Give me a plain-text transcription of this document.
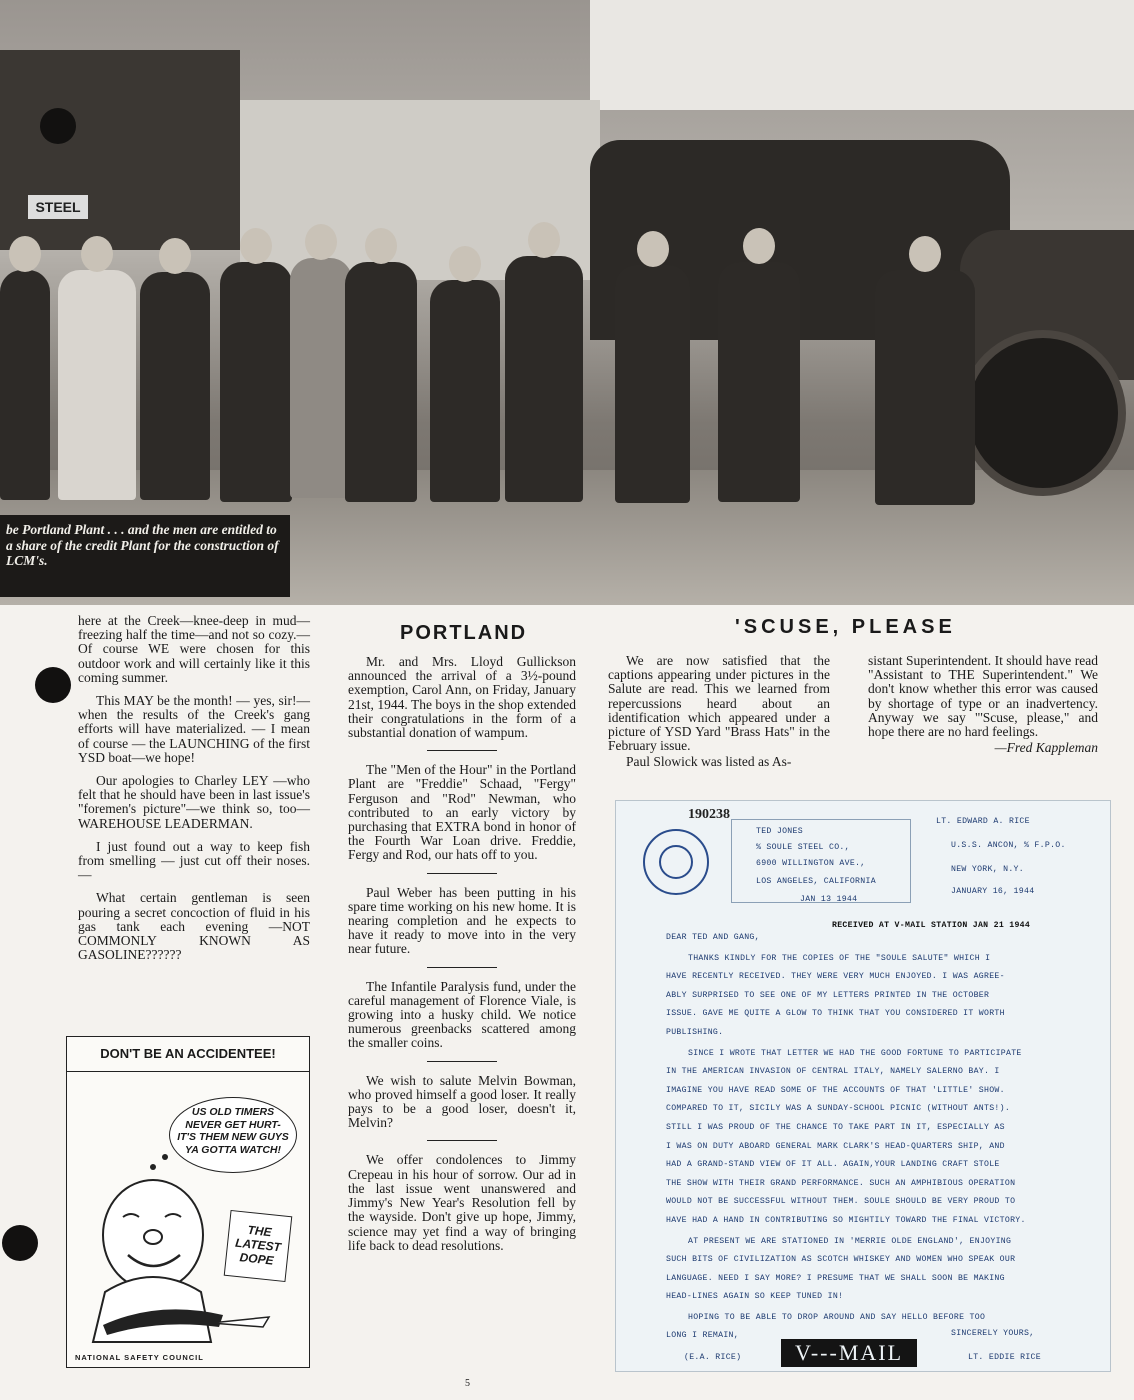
STEEL
be Portland Plant . . . and the men are entitled to a share of the credit Plant for the construction of LCM's.

here at the Creek—knee-deep in mud—freezing half the time—and not so cozy.—Of course WE were chosen for this outdoor work and will certainly like it this coming summer.

This MAY be the month! — yes, sir!—when the results of the Creek's gang efforts will have materialized. — I mean of course — the LAUNCHING of the first YSD boat—we hope!

Our apologies to Charley LEY —who felt that he should have been in last issue's "foremen's picture"—we think so, too—WAREHOUSE LEADERMAN.

I just found out a way to keep fish from smelling — just cut off their noses.—

What certain gentleman is seen pouring a secret concoction of fluid in his gas tank each evening —NOT COMMONLY KNOWN AS GASOLINE??????

DON'T BE AN ACCIDENTEE!
US OLD TIMERS NEVER GET HURT-IT'S THEM NEW GUYS YA GOTTA WATCH!
THE LATEST DOPE
NATIONAL SAFETY COUNCIL
PORTLAND

Mr. and Mrs. Lloyd Gullickson announced the arrival of a 3½-pound exemption, Carol Ann, on Friday, January 21st, 1944. The boys in the shop extended their congratulations in the form of a substantial donation of wampum.

The "Men of the Hour" in the Portland Plant are "Freddie" Schaad, "Fergy" Ferguson and "Rod" Newman, who contributed to an early victory by purchasing that EXTRA bond in honor of the Fourth War Loan drive. Freddie, Fergy and Rod, our hats off to you.

Paul Weber has been putting in his spare time working on his new home. It is nearing completion and he expects to have it ready to move into in the very near future.

The Infantile Paralysis fund, under the careful management of Florence Viale, is growing into a husky child. We notice numerous greenbacks scattered among the smaller coins.

We wish to salute Melvin Bowman, who proved himself a good loser. It really pays to be a good loser, doesn't it, Melvin?

We offer condolences to Jimmy Crepeau in his hour of sorrow. Our ad in the last issue went unanswered and Jimmy's New Year's Resolution fell by the wayside. Don't give up hope, Jimmy, science may yet find a way of bringing life back to dead resolutions.

'SCUSE, PLEASE

We are now satisfied that the captions appearing under pictures in the Salute are read. This we learned from repercussions heard about an identification which appeared under a picture of YSD Yard "Brass Hats" in the February issue.

Paul Slowick was listed as As-

sistant Superintendent. It should have read "Assistant to THE Superintendent." We don't know whether this error was caused by shortage of type or an inadvertency. Anyway we say "'Scuse, please," and hope there are no hard feelings.

—Fred Kappleman
190238
TED JONES
% SOULE STEEL CO.,
6900 WILLINGTON AVE.,
LOS ANGELES, CALIFORNIA
JAN 13 1944
LT. EDWARD A. RICE
U.S.S. ANCON, % F.P.O.
NEW YORK, N.Y.
JANUARY 16, 1944
RECEIVED AT V-MAIL STATION JAN 21 1944
DEAR TED AND GANG,
THANKS KINDLY FOR THE COPIES OF THE "SOULE SALUTE" WHICH I
HAVE RECENTLY RECEIVED. THEY WERE VERY MUCH ENJOYED. I WAS AGREE-
ABLY SURPRISED TO SEE ONE OF MY LETTERS PRINTED IN THE OCTOBER
ISSUE. GAVE ME QUITE A GLOW TO THINK THAT YOU CONSIDERED IT WORTH
PUBLISHING.
SINCE I WROTE THAT LETTER WE HAD THE GOOD FORTUNE TO PARTICIPATE
IN THE AMERICAN INVASION OF CENTRAL ITALY, NAMELY SALERNO BAY. I
IMAGINE YOU HAVE READ SOME OF THE ACCOUNTS OF THAT 'LITTLE' SHOW.
COMPARED TO IT, SICILY WAS A SUNDAY-SCHOOL PICNIC (WITHOUT ANTS!).
STILL I WAS PROUD OF THE CHANCE TO TAKE PART IN IT, ESPECIALLY AS
I WAS ON DUTY ABOARD GENERAL MARK CLARK'S HEAD-QUARTERS SHIP, AND
HAD A GRAND-STAND VIEW OF IT ALL. AGAIN,YOUR LANDING CRAFT STOLE
THE SHOW WITH THEIR GRAND PERFORMANCE. SUCH AN AMPHIBIOUS OPERATION
WOULD NOT BE SUCCESSFUL WITHOUT THEM. SOULE SHOULD BE VERY PROUD TO
HAVE HAD A HAND IN CONTRIBUTING SO MIGHTILY TOWARD THE FINAL VICTORY.
AT PRESENT WE ARE STATIONED IN 'MERRIE OLDE ENGLAND', ENJOYING
SUCH BITS OF CIVILIZATION AS SCOTCH WHISKEY AND WOMEN WHO SPEAK OUR
LANGUAGE. NEED I SAY MORE? I PRESUME THAT WE SHALL SOON BE MAKING
HEAD-LINES AGAIN SO KEEP TUNED IN!
HOPING TO BE ABLE TO DROP AROUND AND SAY HELLO BEFORE TOO
LONG I REMAIN,	SINCERELY YOURS,
LT. EDDIE RICE
(E.A. RICE)	V---MAIL
5
